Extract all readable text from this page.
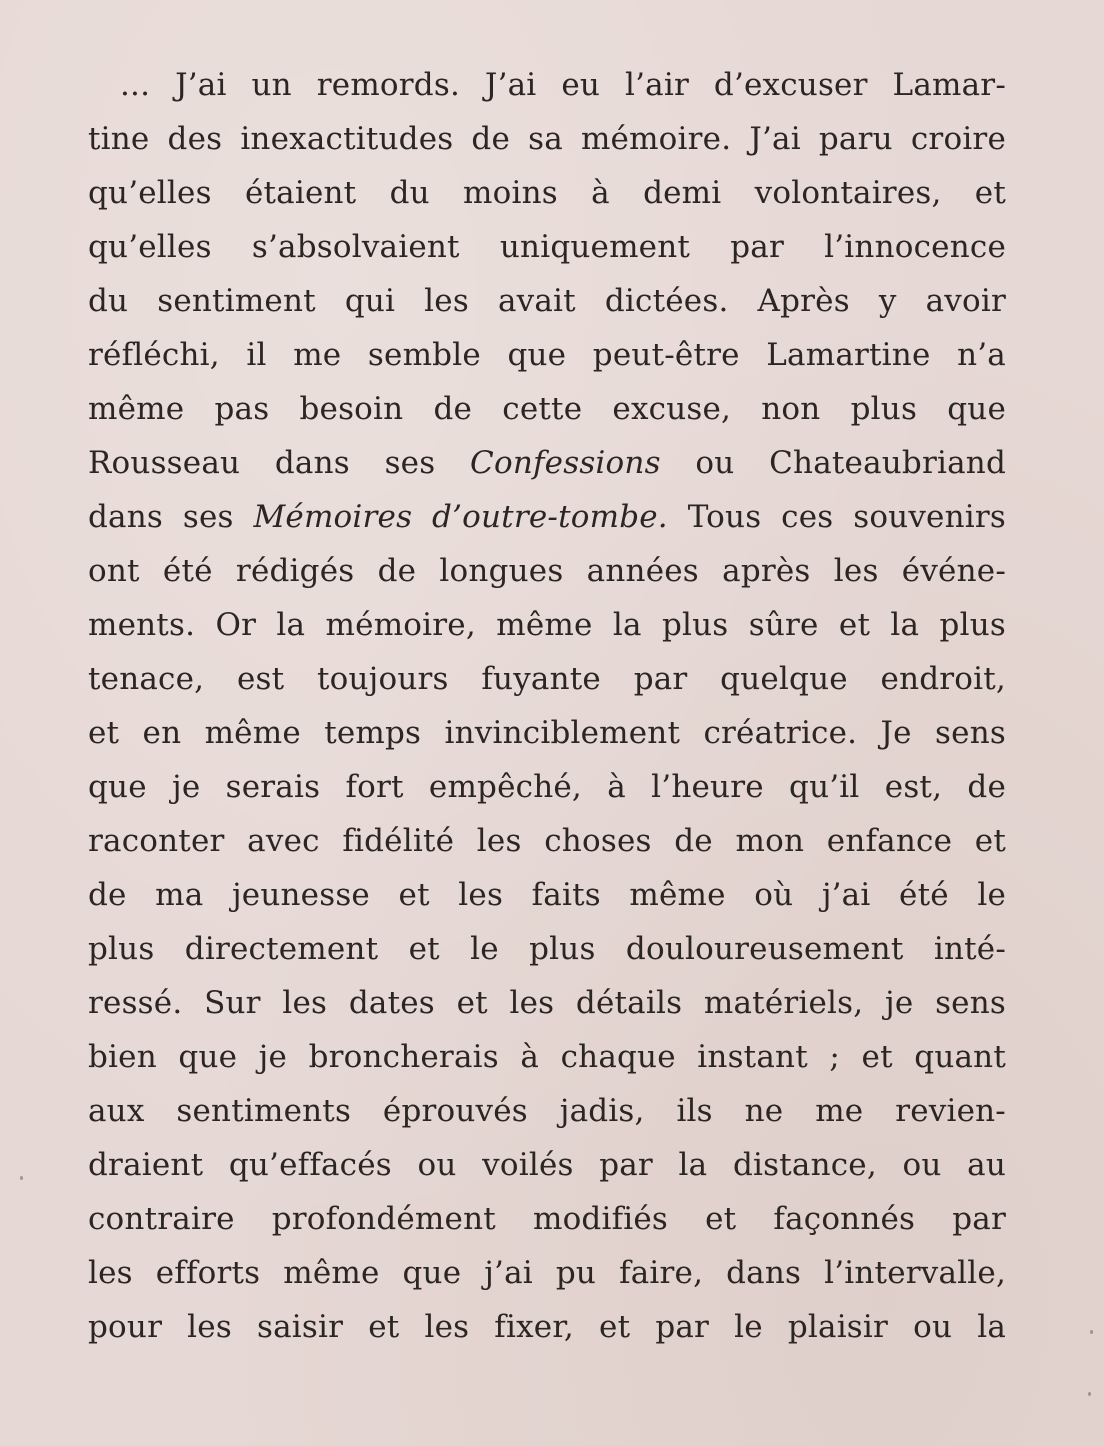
... J’ai un remords. J’ai eu l’air d’excuser Lamar-
tine des inexactitudes de sa mémoire. J’ai paru croire
qu’elles étaient du moins à demi volontaires, et
qu’elles s’absolvaient uniquement par l’innocence
du sentiment qui les avait dictées. Après y avoir
réfléchi, il me semble que peut-être Lamartine n’a
même pas besoin de cette excuse, non plus que
Rousseau dans ses Confessions ou Chateaubriand
dans ses Mémoires d’outre-tombe. Tous ces souvenirs
ont été rédigés de longues années après les événe-
ments. Or la mémoire, même la plus sûre et la plus
tenace, est toujours fuyante par quelque endroit,
et en même temps invinciblement créatrice. Je sens
que je serais fort empêché, à l’heure qu’il est, de
raconter avec fidélité les choses de mon enfance et
de ma jeunesse et les faits même où j’ai été le
plus directement et le plus douloureusement inté-
ressé. Sur les dates et les détails matériels, je sens
bien que je broncherais à chaque instant ; et quant
aux sentiments éprouvés jadis, ils ne me revien-
draient qu’effacés ou voilés par la distance, ou au
contraire profondément modifiés et façonnés par
les efforts même que j’ai pu faire, dans l’intervalle,
pour les saisir et les fixer, et par le plaisir ou la
